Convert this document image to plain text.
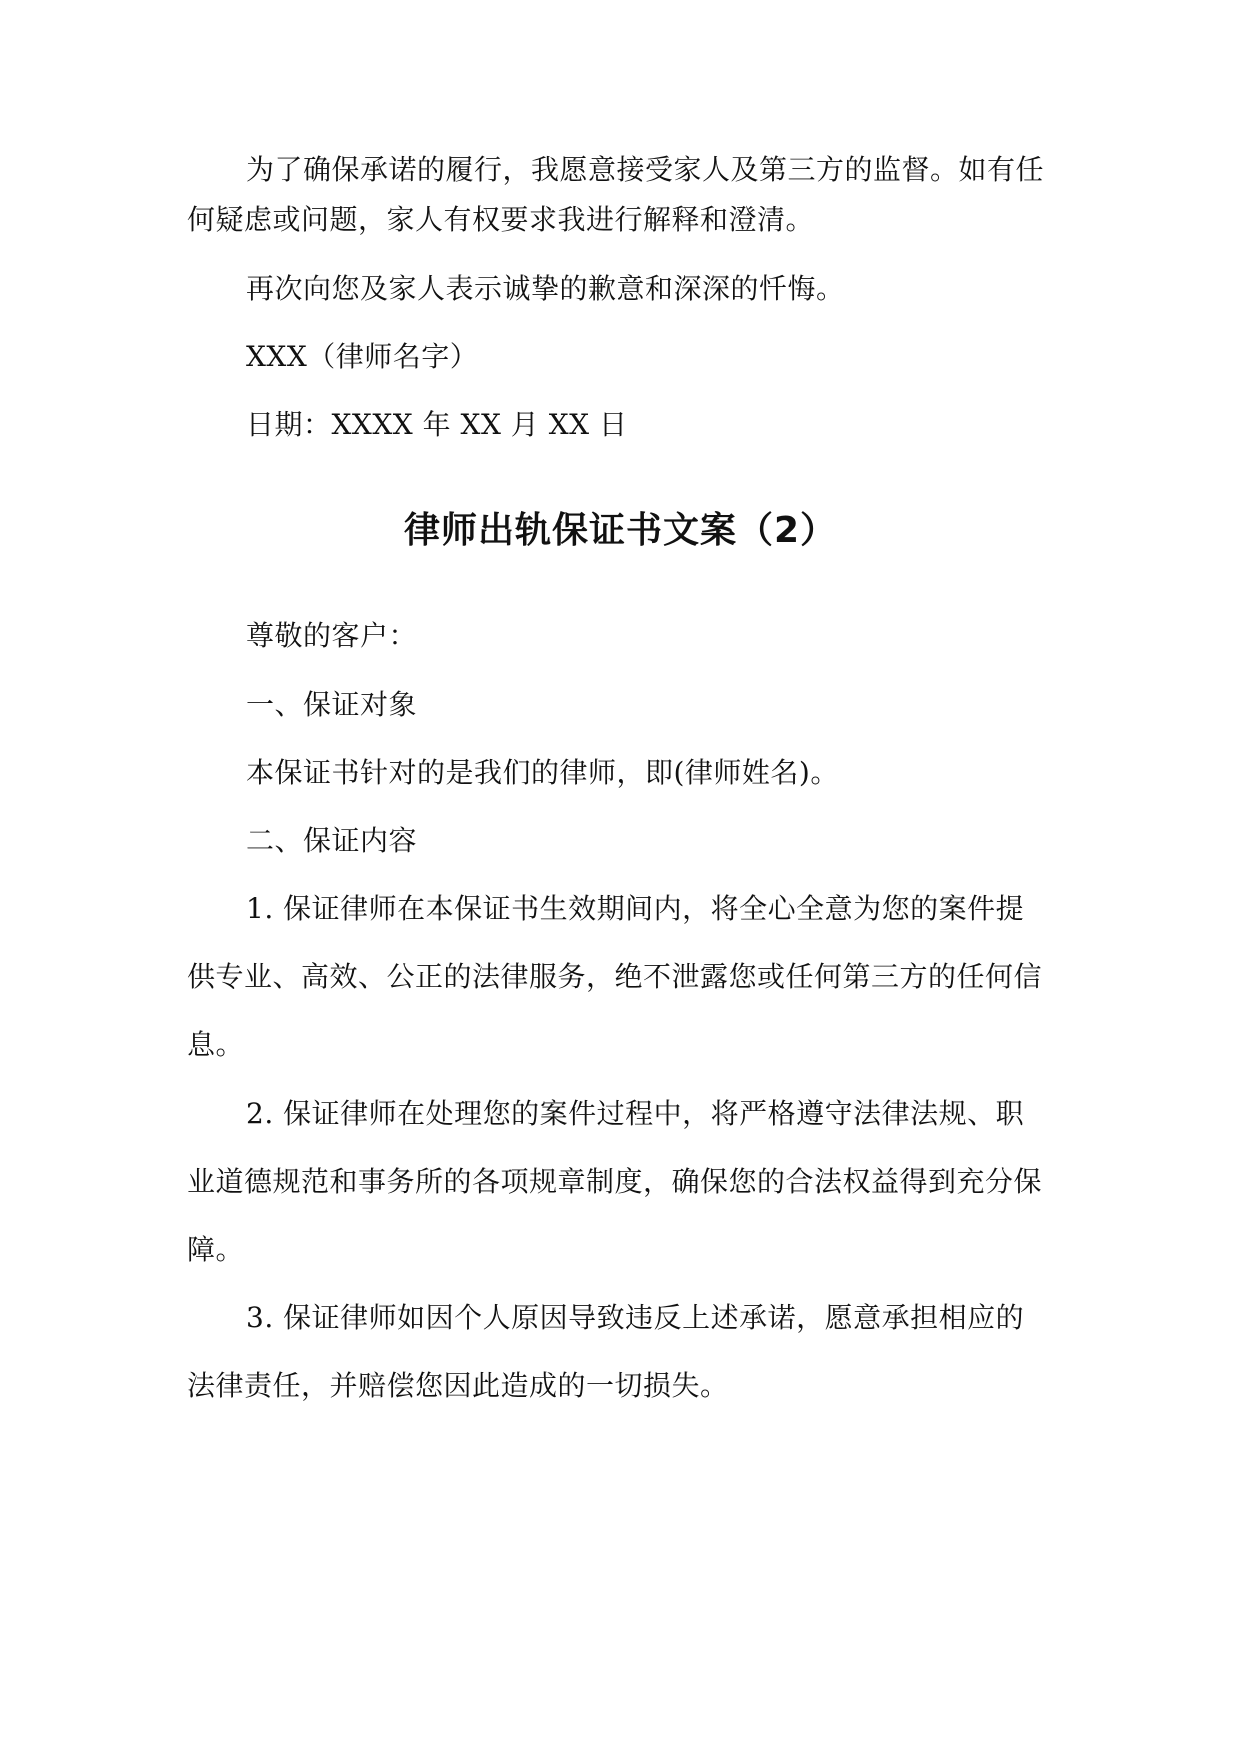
为了确保承诺的履行，我愿意接受家人及第三方的监督。如有任
何疑虑或问题，家人有权要求我进行解释和澄清。
再次向您及家人表示诚挚的歉意和深深的忏悔。
XXX（律师名字）
日期：XXXX 年 XX 月 XX 日
律师出轨保证书文案（2）
尊敬的客户：
一、保证对象
本保证书针对的是我们的律师，即(律师姓名)。
二、保证内容
1. 保证律师在本保证书生效期间内，将全心全意为您的案件提
供专业、高效、公正的法律服务，绝不泄露您或任何第三方的任何信
息。
2. 保证律师在处理您的案件过程中，将严格遵守法律法规、职
业道德规范和事务所的各项规章制度，确保您的合法权益得到充分保
障。
3. 保证律师如因个人原因导致违反上述承诺，愿意承担相应的
法律责任，并赔偿您因此造成的一切损失。
